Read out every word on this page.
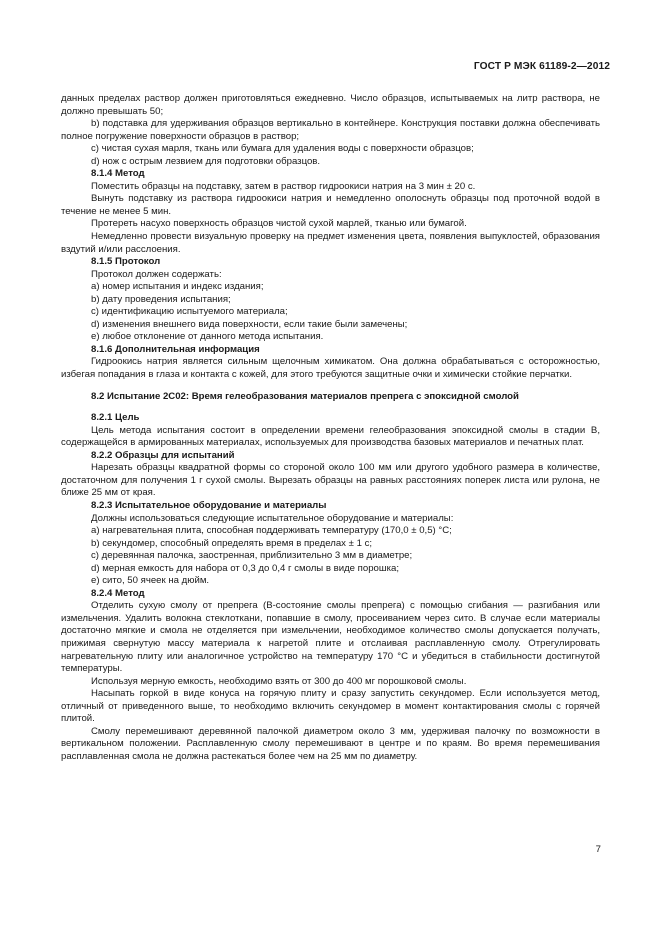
ГОСТ Р МЭК 61189-2—2012

данных пределах раствор должен приготовляться ежедневно. Число образцов, испытываемых на литр раствора, не должно превышать 50;

b) подставка для удерживания образцов вертикально в контейнере. Конструкция поставки должна обеспечивать полное погружение поверхности образцов в раствор;

c) чистая сухая марля, ткань или бумага для удаления воды с поверхности образцов;

d) нож с острым лезвием для подготовки образцов.

8.1.4 Метод

Поместить образцы на подставку, затем в раствор гидроокиси натрия на 3 мин ± 20 с.

Вынуть подставку из раствора гидроокиси натрия и немедленно ополоснуть образцы под проточной водой в течение не менее 5 мин.

Протереть насухо поверхность образцов чистой сухой марлей, тканью или бумагой.

Немедленно провести визуальную проверку на предмет изменения цвета, появления выпуклостей, образования вздутий и/или расслоения.

8.1.5 Протокол

Протокол должен содержать:

a) номер испытания и индекс издания;

b) дату проведения испытания;

c) идентификацию испытуемого материала;

d) изменения внешнего вида поверхности, если такие были замечены;

e) любое отклонение от данного метода испытания.

8.1.6 Дополнительная информация

Гидроокись натрия является сильным щелочным химикатом. Она должна обрабатываться с осторожностью, избегая попадания в глаза и контакта с кожей, для этого требуются защитные очки и химически стойкие перчатки.

8.2 Испытание 2С02: Время гелеобразования материалов препрега с эпоксидной смолой

8.2.1 Цель

Цель метода испытания состоит в определении времени гелеобразования эпоксидной смолы в стадии B, содержащейся в армированных материалах, используемых для производства базовых материалов и печатных плат.

8.2.2 Образцы для испытаний

Нарезать образцы квадратной формы со стороной около 100 мм или другого удобного размера в количестве, достаточном для получения 1 г сухой смолы. Вырезать образцы на равных расстояниях поперек листа или рулона, не ближе 25 мм от края.

8.2.3 Испытательное оборудование и материалы

Должны использоваться следующие испытательное оборудование и материалы:

a) нагревательная плита, способная поддерживать температуру (170,0 ± 0,5) °C;

b) секундомер, способный определять время в пределах ± 1 с;

c) деревянная палочка, заостренная, приблизительно 3 мм в диаметре;

d) мерная емкость для набора от 0,3 до 0,4 г смолы в виде порошка;

e) сито, 50 ячеек на дюйм.

8.2.4 Метод

Отделить сухую смолу от препрега (B-состояние смолы препрега) с помощью сгибания — разгибания или измельчения. Удалить волокна стеклоткани, попавшие в смолу, просеиванием через сито. В случае если материалы достаточно мягкие и смола не отделяется при измельчении, необходимое количество смолы допускается получать, прижимая свернутую массу материала к нагретой плите и отслаивая расплавленную смолу. Отрегулировать нагревательную плиту или аналогичное устройство на температуру 170 °C и убедиться в стабильности достигнутой температуры.

Используя мерную емкость, необходимо взять от 300 до 400 мг порошковой смолы.

Насыпать горкой в виде конуса на горячую плиту и сразу запустить секундомер. Если используется метод, отличный от приведенного выше, то необходимо включить секундомер в момент контактирования смолы с горячей плитой.

Смолу перемешивают деревянной палочкой диаметром около 3 мм, удерживая палочку по возможности в вертикальном положении. Расплавленную смолу перемешивают в центре и по краям. Во время перемешивания расплавленная смола не должна растекаться более чем на 25 мм по диаметру.

7
